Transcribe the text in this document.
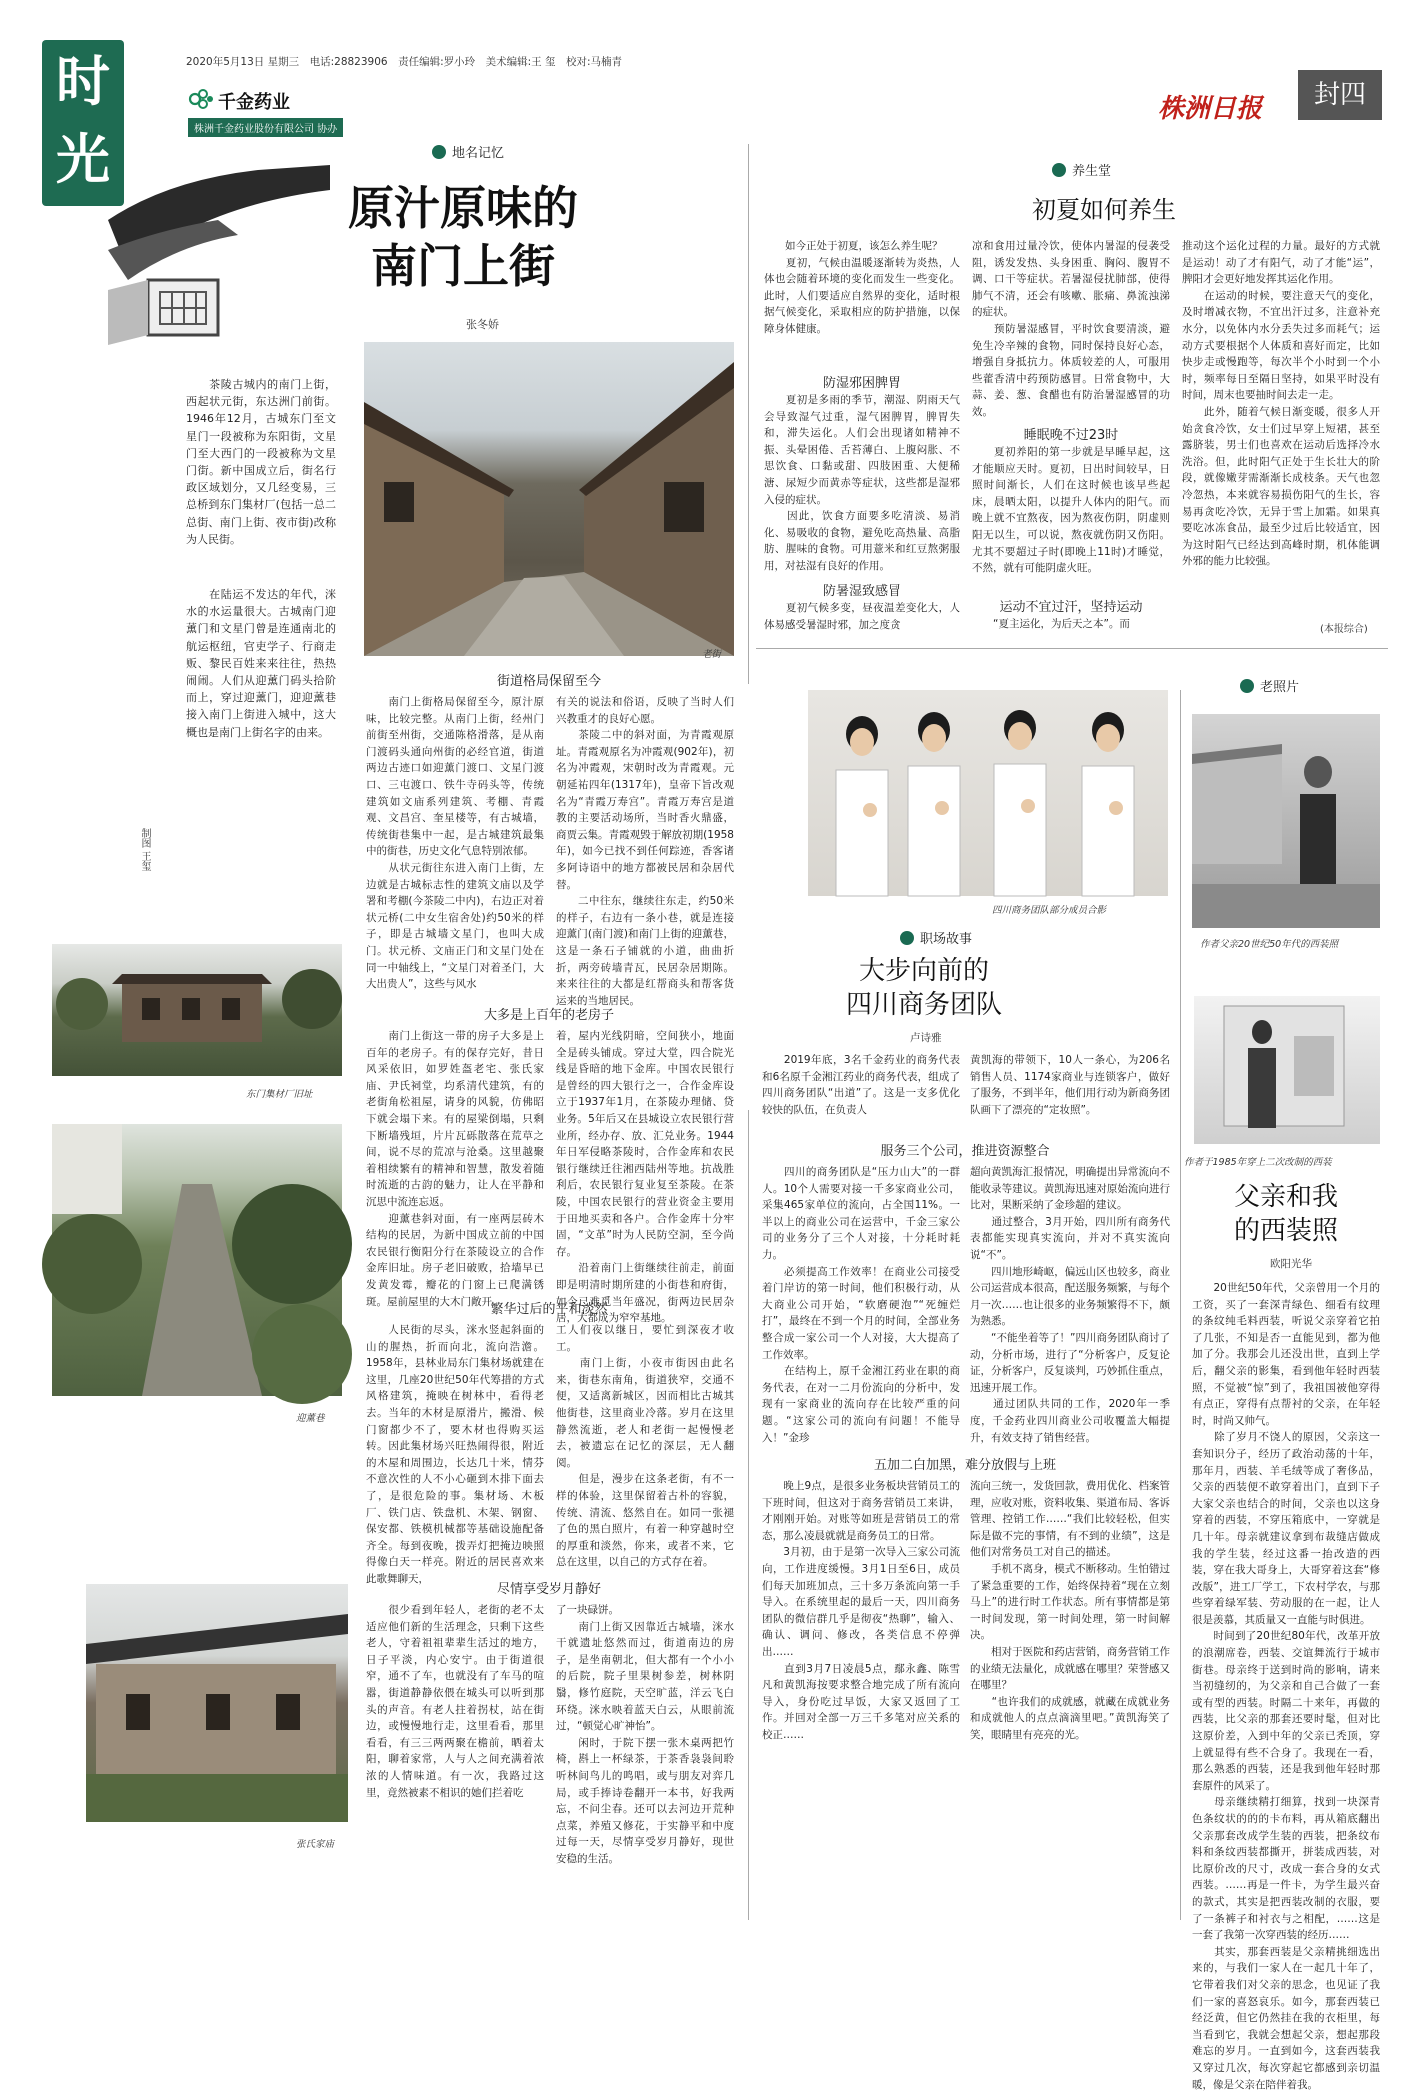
时
光
2020年5月13日 星期三　电话:28823906　责任编辑:罗小玲　美术编辑:王 玺　校对:马楠青
千金药业
株洲千金药业股份有限公司 协办
株洲日报	封四
地名记忆
原汁原味的
南门上街
张冬娇
　　茶陵古城内的南门上街，西起状元街，东达洲门前街。1946年12月，古城东门至文星门一段被称为东阳街，文星门至大西门的一段被称为文星门街。新中国成立后，街名行政区域划分，又几经变易，三总桥到东门集材厂(包括一总二总街、南门上街、夜市街)改称为人民街。
　　在陆运不发达的年代，洣水的水运量很大。古城南门迎薰门和文星门曾是连通南北的航运枢纽，官吏学子、行商走贩、黎民百姓来来往往，热热闹闹。人们从迎薰门码头拾阶而上，穿过迎薰门，迎迎薰巷接入南门上街进入城中，这大概也是南门上街名字的由来。
制图 王玺
老街
街道格局保留至今
　　南门上街格局保留至今，原汁原味，比较完整。从南门上街，经州门前街至州街，交通陈格滑落，是从南门渡码头通向州街的必经官道，街道两边古迹口如迎薰门渡口、文星门渡口、三屯渡口、铁牛寺码头等，传统建筑如文庙系列建筑、考棚、青霞观、文昌宫、奎星楼等，有古城墙，传统街巷集中一起，是古城建筑最集中的街巷，历史文化气息特别浓郁。
　　从状元街往东进入南门上街，左边就是古城标志性的建筑文庙以及学署和考棚(今茶陵二中内)，右边正对着状元桥(二中女生宿舍处)约50米的样子，即是古城墙文星门，也叫大成门。状元桥、文庙正门和文星门处在同一中轴线上，“文星门对着圣门，大大出贵人”，这些与风水
有关的说法和俗语，反映了当时人们兴教重才的良好心愿。
　　茶陵二中的斜对面，为青霞观原址。青霞观原名为冲霞观(902年)，初名为冲霞观，宋朝时改为青霞观。元朝延祐四年(1317年)，皇帝下旨改观名为“青霞万寿宫”。青霞万寿宫是道教的主要活动场所，当时香火鼎盛，商贾云集。青霞观毁于解放初期(1958年)，如今已找不到任何踪迹，香客诸多阿诗语中的地方都被民居和杂居代替。
　　二中往东，继续往东走，约50米的样子，右边有一条小巷，就是连接迎薰门(南门渡)和南门上街的迎薰巷，这是一条石子铺就的小道，曲曲折折，两旁砖墙青瓦，民居杂居期陈。来来往往的大都是红帮商头和帮客货运来的当地居民。
大多是上百年的老房子
　　南门上街这一带的房子大多是上百年的老房子。有的保存完好，昔日风采依旧，如罗姓盔老宅、张氏家庙、尹氏祠堂，均系清代建筑，有的老街角松祖屋，请身的风貌，仿佛昭下就会塌下来。有的屋梁倒塌，只剩下断墙残垣，片片瓦砾散落在荒草之间，说不尽的荒凉与沧桑。这里越聚着相续繁有的精神和智慧，散发着随时流逝的古韵的魅力，让人在平静和沉思中流连忘返。
　　迎薰巷斜对面，有一座两层砖木结构的民居，为新中国成立前的中国农民银行衡阳分行在茶陵设立的合作金库旧址。房子老旧破败，拾墙早已发黄发霉，瓣花的门窗上已爬满锈斑。屋前屋里的大木门敞开
着，屋内光线阴暗，空间狭小，地面全是砖头铺成。穿过大堂，四合院光线是昏暗的地下金库。中国农民银行是曾经的四大银行之一，合作金库设立于1937年1月，在茶陵办理储、贷业务。5年后又在县城设立农民银行营业所，经办存、放、汇兑业务。1944年日军侵略茶陵时，合作金库和农民银行继续迁往湘西陆州等地。抗战胜利后，农民银行复业复至茶陵。在茶陵，中国农民银行的营业资金主要用于田地买卖和各户。合作金库十分牢固，“文革”时为人民防空洞，至今尚存。
　　沿着南门上街继续往前走，前面即是明清时期所建的小街巷和府街，如今已难觅当年盛况，街两边民居杂居，大都成为窄窄基地。
繁华过后的平和淡然
　　人民街的尽头，洣水竖起斜面的山的腥热，折而向北，流向浩澹。1958年，县林业局东门集材场就建在这里，几座20世纪50年代筹措的方式风格建筑，掩映在树林中，看得老去。当年的木材是原滑片，搬滑、候门窗都少不了，要木材也得购买运转。因此集材场兴旺热闹得很，附近的木屋和周围边，长达几十米，情芬不意次性的人不小心砸到木排下面去了，是很危险的事。集材场、木板厂、铁门店、铁盘机、木架、钢窗、保安都、铁模机械都等基础设施配备齐全。每到夜晚，拨弄灯把掩边映照得像白天一样亮。附近的居民喜欢来此歌舞聊天，
工人们夜以继日，要忙到深夜才收工。
　　南门上街，小夜市街因由此名来，街巷东南角，街道狭窄，交通不便，又适离新城区，因而相比古城其他街巷，这里商业冷落。岁月在这里静然流逝，老人和老街一起慢慢老去，被遗忘在记忆的深层，无人翻阅。
　　但是，漫步在这条老街，有不一样的体验，这里保留着古朴的容貌，传统、清流、悠然自在。如同一张褪了色的黑白照片，有着一种穿越时空的厚重和淡然，你来，或者不来，它总在这里，以自己的方式存在着。
尽情享受岁月静好
　　很少看到年轻人，老街的老不太适应他们新的生活理念，只剩下这些老人，守着祖祖辈辈生活过的地方，日子平淡，内心安宁。由于街道很窄，通不了车，也就没有了车马的喧嚣，街道静静依偎在城头可以听到那头的声音。有老人拄着拐杖，站在街边，或慢慢地行走，这里看看，那里看看，有三三两两聚在檐前，晒着太阳，聊着家常，人与人之间充满着浓浓的人情味道。有一次，我路过这里，竟然被素不相识的她们拦着吃
了一块碌饼。
　　南门上街又因靠近古城墙，洣水干就遗址悠然而过，街道南边的房子，是坐南朝北，但大都有一个小小的后院，院子里果树参差，树林阴翳，修竹庭院，天空旷蓝，洋云飞白环绕。洣水映着蓝天白云，从眼前流过，“顿觉心旷神怡”。
　　闲时，于院下摆一张木桌两把竹椅，斟上一杯绿茶，于茶香袅袅间聆听林间鸟儿的鸣唱，或与朋友对弈几局，或手捧诗卷翻开一本书，好我两忘，不问尘春。还可以去河边开荒种点菜，养殖又修花，于实静平和中度过每一天，尽情享受岁月静好，现世安稳的生活。
东门集材厂旧址
迎薰巷
张氏家庙
养生堂
初夏如何养生
　　如今正处于初夏，该怎么养生呢？
　　夏初，气候由温暖逐渐转为炎热，人体也会随着环境的变化而发生一些变化。此时，人们要适应自然界的变化，适时根据气候变化，采取相应的防护措施，以保障身体健康。
防湿邪困脾胃
　　夏初是多雨的季节，潮湿、阴雨天气会导致湿气过重，湿气困脾胃，脾胃失和，滞失运化。人们会出现诸如精神不振、头晕困倦、舌苔薄白、上腹闷胀、不思饮食、口黏或甜、四肢困重、大便稀溏、尿短少而黄赤等症状，这些都是湿邪入侵的症状。
　　因此，饮食方面要多吃清淡、易消化、易吸收的食物，避免吃高热量、高脂肪、腥味的食物。可用薏米和红豆熬粥服用，对祛湿有良好的作用。
防暑湿致感冒
　　夏初气候多变，昼夜温差变化大，人体易感受暑湿时邪，加之度贪
凉和食用过量冷饮，使体内暑湿的侵袭受阻，诱发发热、头身困重、胸闷、腹胃不调、口干等症状。若暑湿侵扰肺部，使得肺气不清，还会有咳嗽、胀痛、鼻流浊涕的症状。
　　预防暑湿感冒，平时饮食要清淡，避免生冷辛辣的食物，同时保持良好心态，增强自身抵抗力。体质较差的人，可服用些藿香清中药预防感冒。日常食物中，大蒜、姜、葱、食醋也有防治暑湿感冒的功效。
睡眠晚不过23时
　　夏初养阳的第一步就是早睡早起，这才能顺应天时。夏初，日出时间较早，日照时间渐长，人们在这时候也该早些起床，晨晒太阳，以提升人体内的阳气。而晚上就不宜熬夜，因为熬夜伤阴，阴虚则阳无以生，可以说，熬夜就伤阴又伤阳。尤其不要超过子时(即晚上11时)才睡觉，不然，就有可能阴虚火旺。
运动不宜过汗，坚持运动
　　“夏主运化，为后天之本”。而
推动这个运化过程的力量。最好的方式就是运动！动了才有阳气，动了才能“运”，脾阳才会更好地发挥其运化作用。
　　在运动的时候，要注意天气的变化，及时增减衣物，不宜出汗过多，注意补充水分，以免体内水分丢失过多而耗气；运动方式要根据个人体质和喜好而定，比如快步走或慢跑等，每次半个小时到一个小时，频率每日至隔日坚持，如果平时没有时间，周末也要抽时间去走一走。
　　此外，随着气候日渐变暖，很多人开始贪食冷饮，女士们过早穿上短裙，甚至露脐装，男士们也喜欢在运动后选择冷水洗浴。但，此时阳气正处于生长壮大的阶段，就像嫩芽需渐渐长成枝条。天气也忽冷忽热，本来就容易损伤阳气的生长，容易再贪吃冷饮，无异于雪上加霜。如果真要吃冰冻食品，最至少过后比较适宜，因为这时阳气已经达到高峰时期，机体能调外邪的能力比较强。
(本报综合)
四川商务团队部分成员合影
职场故事
大步向前的
四川商务团队
卢诗雅
　　2019年底，3名千金药业的商务代表和6名原千金湘江药业的商务代表，组成了四川商务团队“出道”了。这是一支多优化较快的队伍，在负责人
黄凯海的带领下，10人一条心，为206名销售人员、1174家商业与连锁客户，做好了服务，不到半年，他们用行动为新商务团队画下了漂亮的“定妆照”。
服务三个公司，推进资源整合
　　四川的商务团队是“压力山大”的一群人。10个人需要对接一千多家商业公司，采集465家单位的流向，占全国11%。一半以上的商业公司在运营中，千金三家公司的业务分了三个人对接，十分耗时耗力。
　　必须提高工作效率！在商业公司接受着门岸访的第一时间，他们积极行动，从大商业公司开始，“软磨硬泡”“死缠烂打”，最终在不到一个月的时间，全部业务整合成一家公司一个人对接，大大提高了工作效率。
　　在结构上，原千金湘江药业在职的商务代表，在对一二月份流向的分析中，发现有一家商业的流向存在比较严重的问题。“这家公司的流向有问题！不能导入！”金珍
超向黄凯海汇报情况，明确提出异常流向不能收录等建议。黄凯海迅速对原始流向进行比对，果断采纳了金珍超的建议。
　　通过整合，3月开始，四川所有商务代表都能实现真实流向，并对不真实流向说“不”。
　　四川地形崎岖，偏远山区也较多，商业公司运营成本很高，配送服务频繁，与每个月一次……也让很多的业务频繁得不下，颇为熟悉。
　　“不能坐着等了！”四川商务团队商讨了动，分析市场，进行了“分析客户，反复论证，分析客户，反复谈判，巧妙抓住重点，迅速开展工作。
　　通过团队共同的工作，2020年一季度，千金药业四川商业公司收覆盖大幅提升，有效支持了销售经营。
五加二白加黑，难分放假与上班
　　晚上9点，是很多业务板块营销员工的下班时间，但这对于商务营销员工来讲，才刚刚开始。对账等如班是营销员工的常态，那么凌晨就就是商务员工的日常。
　　3月初，由于是第一次导入三家公司流向，工作进度缓慢。3月1日至6日，成员们每天加班加点，三十多万条流向第一手导入。在系统里起的最后一天，四川商务团队的微信群几乎是彻夜“热聊”，输入、确认、调问、修改，各类信息不停弹出……
　　直到3月7日凌晨5点，鄢永鑫、陈雪凡和黄凯海按要求整合地完成了所有流向导入，身份吃过早饭，大家又返回了工作。并回对全部一万三千多笔对应关系的校正……
流向三统一，发货回款，费用优化、档案管理，应收对账，资料收集、渠道布局、客诉管理、控销工作……“我们比较轻松，但实际是做不完的事情，有不到的业绩”，这是他们对常务员工对自己的描述。
　　手机不离身，模式不断移动。生怕错过了紧急重要的工作，始终保持着“现在立刻马上”的进行时工作状态。所有事情都是第一时间发现，第一时间处理，第一时间解决。
　　相对于医院和药店营销，商务营销工作的业绩无法量化，成就感在哪里？荣誉感又在哪里？
　　“也许我们的成就感，就藏在成就业务和成就他人的点点滴滴里吧。”黄凯海笑了笑，眼睛里有亮亮的光。
老照片
作者父亲20世纪50年代的西装照
作者于1985年穿上二次改制的西装
父亲和我
的西装照
欧阳光华
　　20世纪50年代，父亲曾用一个月的工资，买了一套深青绿色、细看有纹理的条纹纯毛料西装，听说父亲穿着它拍了几张，不知是否一直能见到，都为他加了分。我那会儿还没出世，直到上学后，翻父亲的影集，看到他年轻时西装照，不觉被“惊”到了，我祖国被他穿得有点正，穿得有点帮衬的父亲，在年轻时，时尚又帅气。
　　除了岁月不饶人的原因，父亲这一套知识分子，经历了政治动荡的十年，那年月，西装、羊毛绒等成了奢侈品，父亲的西装便不敢穿着出门，直到下子大家父亲也结合的时间，父亲也以这身穿着的西装，不穿压箱底中，一穿就是几十年。母亲就建议拿到布裁缝店做成我的学生装，经过这番一抬改造的西装，穿在我大哥身上，大哥穿着这套“修改版”，进工厂学工，下农村学农，与那些穿着绿军装、劳动服的在一起，让人很是羡慕，其质量又一直能与时俱进。
　　时间到了20世纪80年代，改革开放的浪潮席卷，西装、交谊舞流行于城市街巷。母亲终于送到时尚的影响，请来当初缝纫的，为父亲和自己合做了一套或有型的西装。时隔二十来年，再做的西装，比父亲的那套还要时髦，但对比这原价差，入到中年的父亲已秃顶，穿上就显得有些不合身了。我现在一看，那么熟悉的西装，还是我到他年轻时那套原件的风采了。
　　母亲继续精打细算，找到一块深青色条纹状的的的卡布料，再从箱底翻出父亲那套改成学生装的西装，把条纹布料和条纹西装都撕开，拼装成西装，对比原价改的尺寸，改成一套合身的女式西装。……再是一件卡，为学生最兴奋的款式，其实是把西装改制的衣服，要了一条裤子和衬衣与之相配，……这是一套了我第一次穿西装的经历……
　　其实，那套西装是父亲精挑细选出来的，与我们一家人在一起几十年了，它带着我们对父亲的思念，也见证了我们一家的喜怒哀乐。如今，那套西装已经泛黄，但它仍然挂在我的衣柜里，每当看到它，我就会想起父亲，想起那段难忘的岁月。一直到如今，这套西装我又穿过几次，每次穿起它都感到亲切温暖，像是父亲在陪伴着我。
